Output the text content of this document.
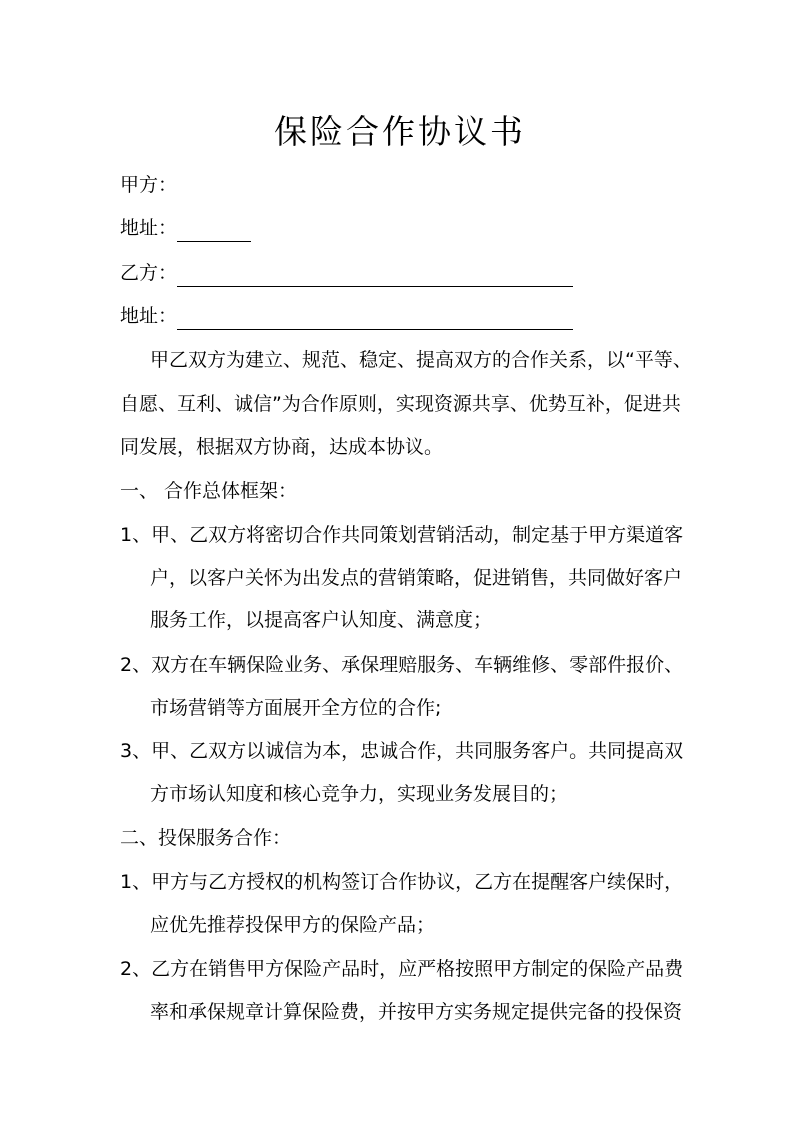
保险合作协议书
甲方：
地址：
乙方：
地址：
甲乙双方为建立、规范、稳定、提高双方的合作关系，以“平等、
自愿、互利、诚信”为合作原则，实现资源共享、优势互补，促进共
同发展，根据双方协商，达成本协议。
一、 合作总体框架：
1、甲、乙双方将密切合作共同策划营销活动，制定基于甲方渠道客
户，以客户关怀为出发点的营销策略，促进销售，共同做好客户
服务工作，以提高客户认知度、满意度；
2、双方在车辆保险业务、承保理赔服务、车辆维修、零部件报价、
市场营销等方面展开全方位的合作;
3、甲、乙双方以诚信为本，忠诚合作，共同服务客户。共同提高双
方市场认知度和核心竞争力，实现业务发展目的；
二、投保服务合作：
1、甲方与乙方授权的机构签订合作协议，乙方在提醒客户续保时，
应优先推荐投保甲方的保险产品；
2、乙方在销售甲方保险产品时，应严格按照甲方制定的保险产品费
率和承保规章计算保险费，并按甲方实务规定提供完备的投保资
